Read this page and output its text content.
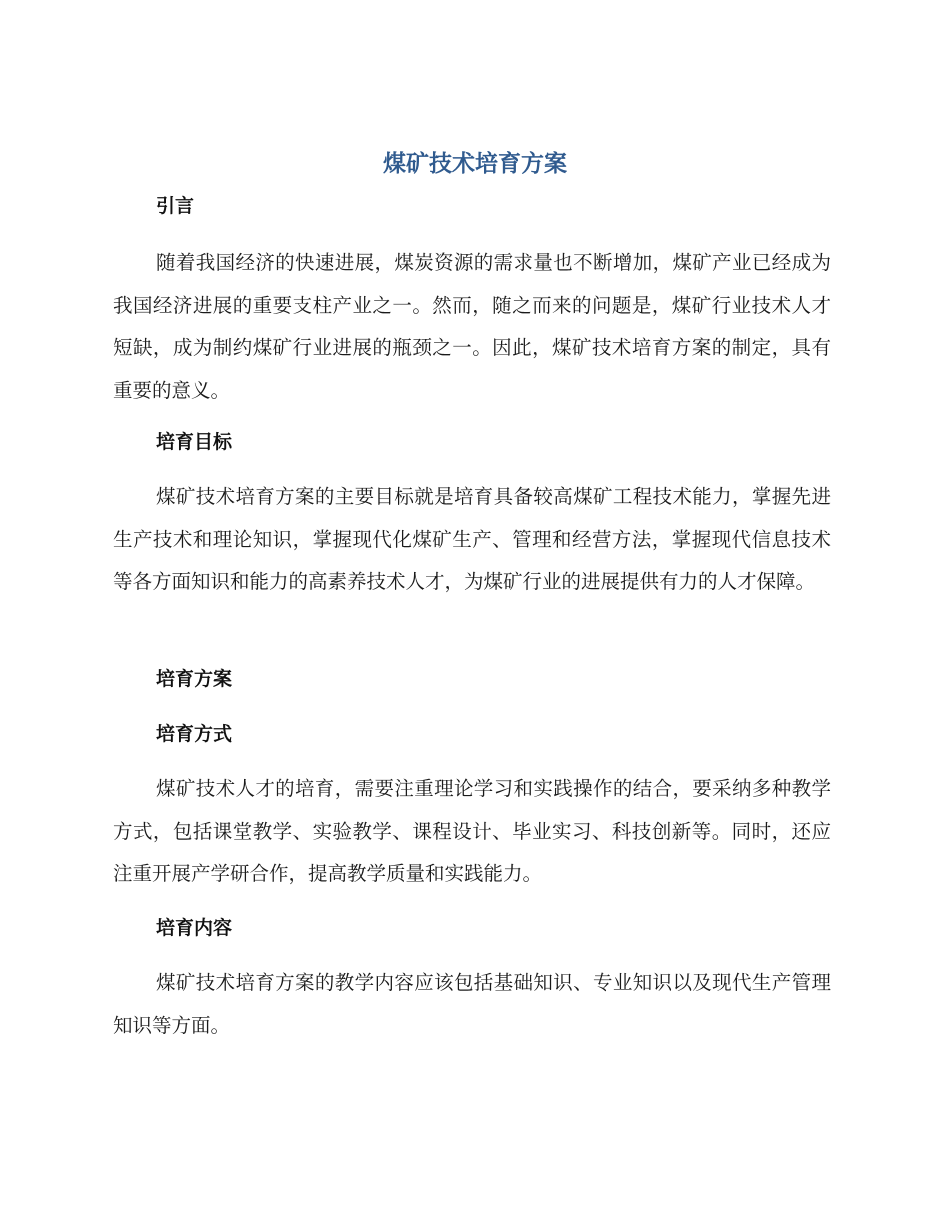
煤矿技术培育方案
引言

随着我国经济的快速进展，煤炭资源的需求量也不断增加，煤矿产业已经成为我国经济进展的重要支柱产业之一。然而，随之而来的问题是，煤矿行业技术人才短缺，成为制约煤矿行业进展的瓶颈之一。因此，煤矿技术培育方案的制定，具有重要的意义。

培育目标

煤矿技术培育方案的主要目标就是培育具备较高煤矿工程技术能力，掌握先进生产技术和理论知识，掌握现代化煤矿生产、管理和经营方法，掌握现代信息技术等各方面知识和能力的高素养技术人才，为煤矿行业的进展提供有力的人才保障。

培育方案
培育方式

煤矿技术人才的培育，需要注重理论学习和实践操作的结合，要采纳多种教学方式，包括课堂教学、实验教学、课程设计、毕业实习、科技创新等。同时，还应注重开展产学研合作，提高教学质量和实践能力。

培育内容

煤矿技术培育方案的教学内容应该包括基础知识、专业知识以及现代生产管理知识等方面。
